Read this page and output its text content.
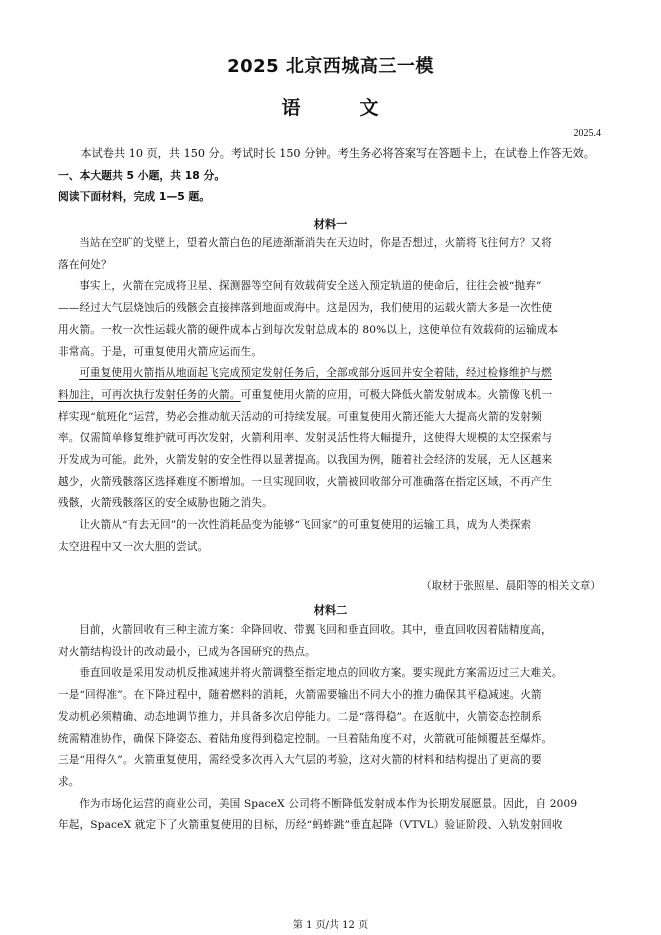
2025 北京西城高三一模
语	文
2025.4
本试卷共 10 页，共 150 分。考试时长 150 分钟。考生务必将答案写在答题卡上，在试卷上作答无效。
一、本大题共 5 小题，共 18 分。
阅读下面材料，完成 1—5 题。
材料一
当站在空旷的戈壁上，望着火箭白色的尾迹渐渐消失在天边时，你是否想过，火箭将飞往何方？又将
落在何处？
事实上，火箭在完成将卫星、探测器等空间有效载荷安全送入预定轨道的使命后，往往会被“抛弃”
——经过大气层烧蚀后的残骸会直接摔落到地面或海中。这是因为，我们使用的运载火箭大多是一次性使
用火箭。一枚一次性运载火箭的硬件成本占到每次发射总成本的 80%以上，这使单位有效载荷的运输成本
非常高。于是，可重复使用火箭应运而生。
可重复使用火箭指从地面起飞完成预定发射任务后，全部或部分返回并安全着陆，经过检修维护与燃
料加注，可再次执行发射任务的火箭。可重复使用火箭的应用，可极大降低火箭发射成本。火箭像飞机一
样实现“航班化”运营，势必会推动航天活动的可持续发展。可重复使用火箭还能大大提高火箭的发射频
率。仅需简单修复维护就可再次发射，火箭利用率、发射灵活性将大幅提升，这使得大规模的太空探索与
开发成为可能。此外，火箭发射的安全性得以显著提高。以我国为例，随着社会经济的发展，无人区越来
越少，火箭残骸落区选择难度不断增加。一旦实现回收，火箭被回收部分可准确落在指定区域，不再产生
残骸，火箭残骸落区的安全威胁也随之消失。
让火箭从“有去无回”的一次性消耗品变为能够“飞回家”的可重复使用的运输工具，成为人类探索
太空进程中又一次大胆的尝试。
（取材于张照星、晨阳等的相关文章）
材料二
目前，火箭回收有三种主流方案：伞降回收、带翼飞回和垂直回收。其中，垂直回收因着陆精度高，
对火箭结构设计的改动最小，已成为各国研究的热点。
垂直回收是采用发动机反推减速并将火箭调整至指定地点的回收方案。要实现此方案需迈过三大难关。
一是“回得准”。在下降过程中，随着燃料的消耗，火箭需要输出不同大小的推力确保其平稳减速。火箭
发动机必须精确、动态地调节推力，并具备多次启停能力。二是“落得稳”。在返航中，火箭姿态控制系
统需精准协作，确保下降姿态、着陆角度得到稳定控制。一旦着陆角度不对，火箭就可能倾覆甚至爆炸。
三是“用得久”。火箭重复使用，需经受多次再入大气层的考验，这对火箭的材料和结构提出了更高的要
求。
作为市场化运营的商业公司，美国 SpaceX 公司将不断降低发射成本作为长期发展愿景。因此，自 2009
年起，SpaceX 就定下了火箭重复使用的目标，历经“蚂蚱跳”垂直起降（VTVL）验证阶段、入轨发射回收
第 1 页/共 12 页
